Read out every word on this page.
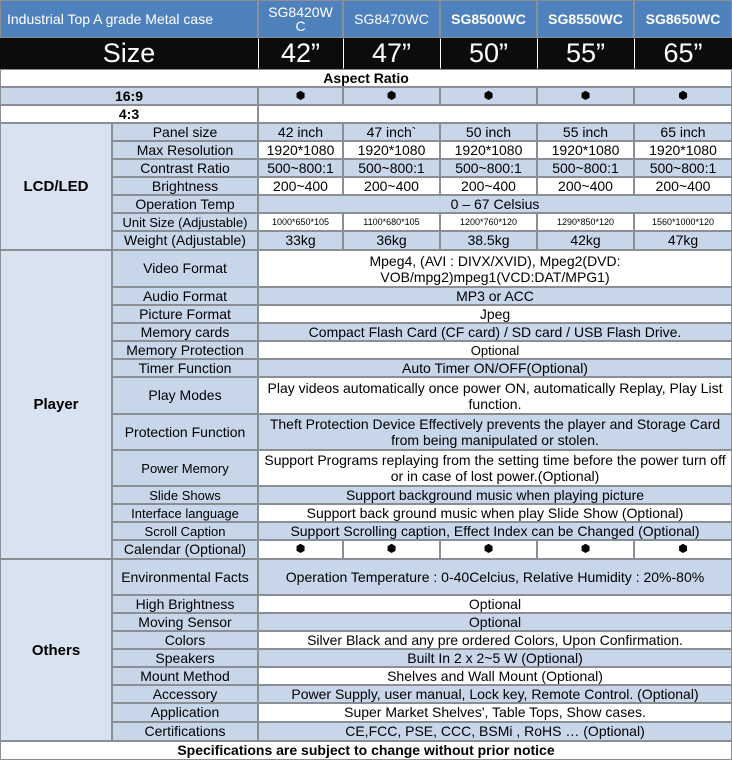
Industrial Top A grade Metal case	SG8420W C	SG8470WC	SG8500WC	SG8550WC	SG8650WC
Size	42”	47”	50”	55”	65”
Aspect Ratio
16:9	⬢	⬢	⬢	⬢	⬢
4:3
LCD/LED
Panel size	42 inch	47 inch`	50 inch	55 inch	65 inch
Max Resolution	1920*1080	1920*1080	1920*1080	1920*1080	1920*1080
Contrast Ratio	500~800:1	500~800:1	500~800:1	500~800:1	500~800:1
Brightness	200~400	200~400	200~400	200~400	200~400
Operation Temp	0 – 67 Celsius
Unit Size (Adjustable)	1000*650*105	1100*680*105	1200*760*120	1290*850*120	1560*1000*120
Weight (Adjustable)	33kg	36kg	38.5kg	42kg	47kg
Player
Video Format	Mpeg4, (AVI : DIVX/XVID), Mpeg2(DVD: VOB/mpg2)mpeg1(VCD:DAT/MPG1)
Audio Format	MP3 or ACC
Picture Format	Jpeg
Memory cards	Compact Flash Card (CF card) / SD card / USB Flash Drive.
Memory Protection	Optional
Timer Function	Auto Timer ON/OFF(Optional)
Play Modes	Play videos automatically once power ON, automatically Replay, Play List function.
Protection Function	Theft Protection Device Effectively prevents the player and Storage Card from being manipulated or stolen.
Power Memory	Support Programs replaying from the setting time before the power turn off or in case of lost power.(Optional)
Slide Shows	Support background music when playing picture
Interface language	Support back ground music when play Slide Show (Optional)
Scroll Caption	Support Scrolling caption, Effect Index can be Changed (Optional)
Calendar (Optional)	⬢	⬢	⬢	⬢	⬢
Others
Environmental Facts	Operation Temperature : 0-40Celcius, Relative Humidity : 20%-80%
High Brightness	Optional
Moving Sensor	Optional
Colors	Silver Black and any pre ordered Colors, Upon Confirmation.
Speakers	Built In 2 x 2~5 W (Optional)
Mount Method	Shelves and Wall Mount (Optional)
Accessory	Power Supply, user manual, Lock key, Remote Control. (Optional)
Application	Super Market Shelves', Table Tops, Show cases.
Certifications	CE,FCC, PSE, CCC, BSMi , RoHS … (Optional)
Specifications are subject to change without prior notice
